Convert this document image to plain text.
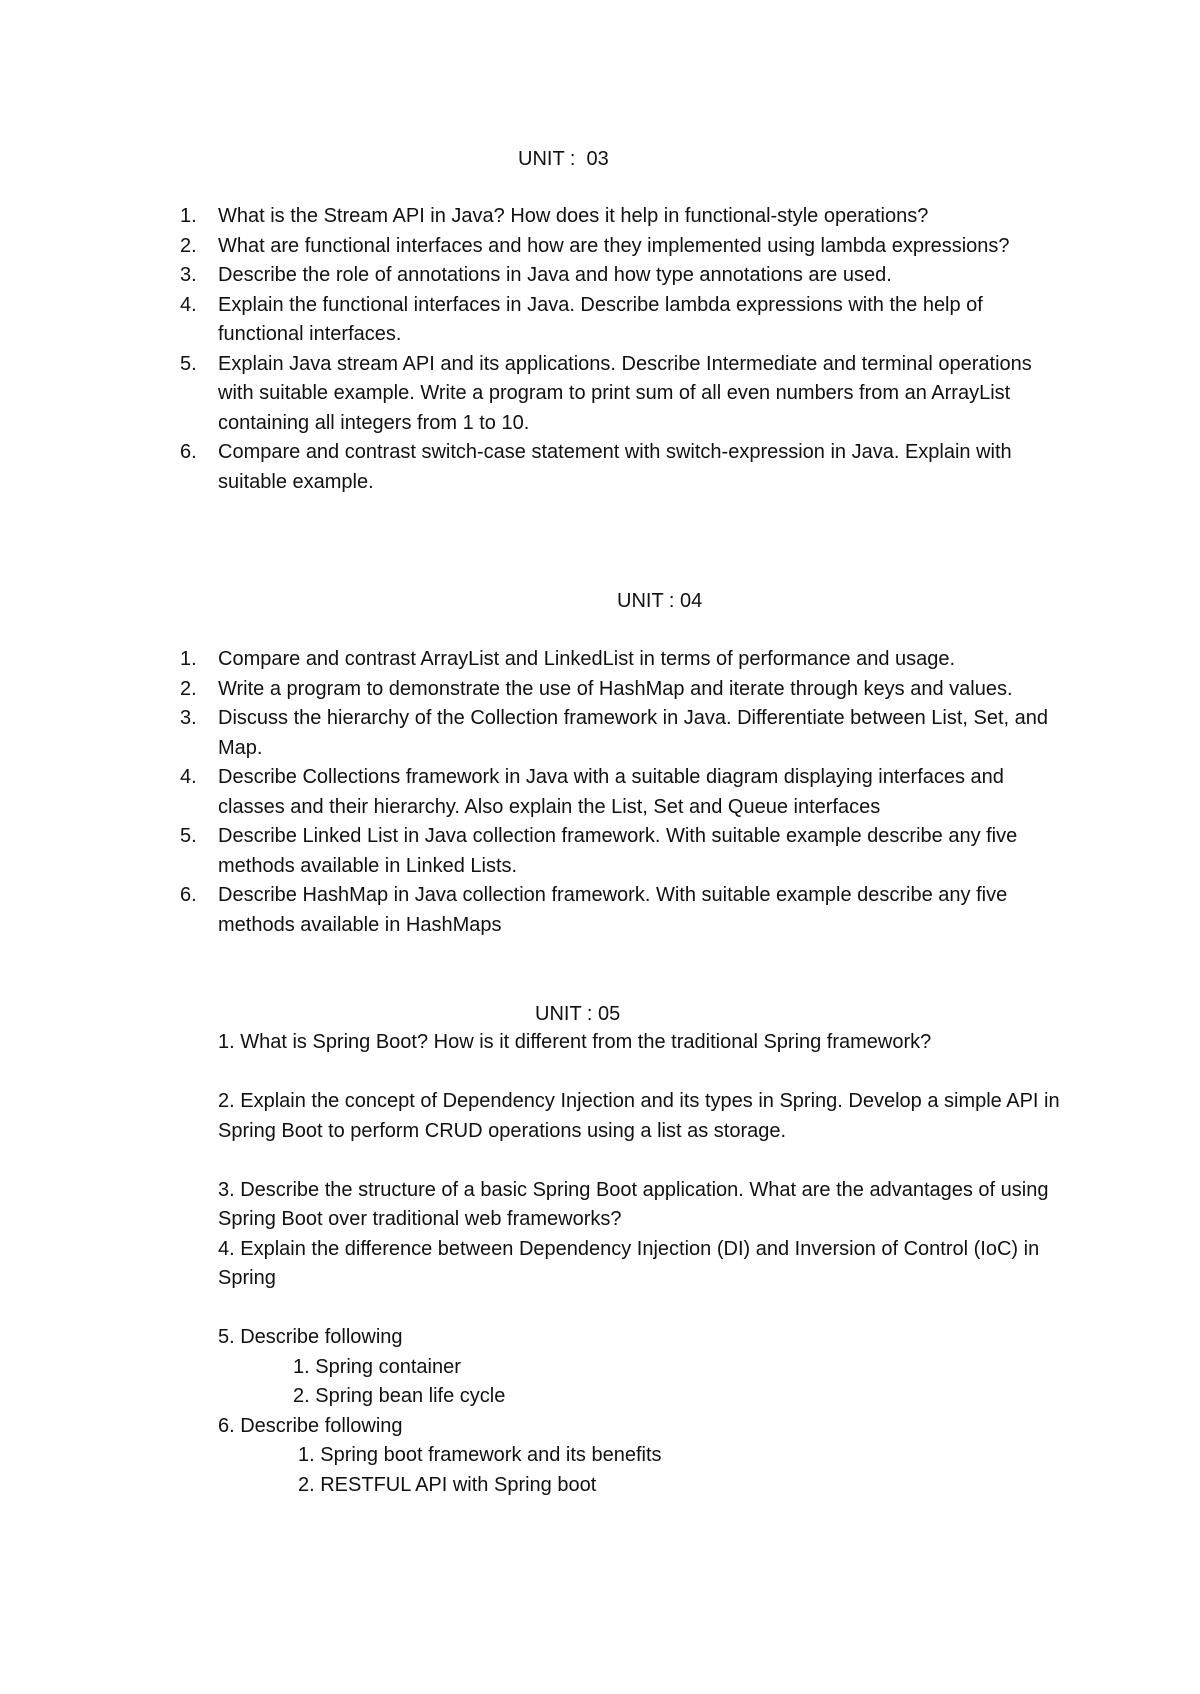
UNIT :  03
1. What is the Stream API in Java? How does it help in functional-style operations?
2. What are functional interfaces and how are they implemented using lambda expressions?
3. Describe the role of annotations in Java and how type annotations are used.
4. Explain the functional interfaces in Java. Describe lambda expressions with the help of functional interfaces.
5. Explain Java stream API and its applications. Describe Intermediate and terminal operations with suitable example. Write a program to print sum of all even numbers from an ArrayList containing all integers from 1 to 10.
6. Compare and contrast switch-case statement with switch-expression in Java. Explain with suitable example.
UNIT : 04
1. Compare and contrast ArrayList and LinkedList in terms of performance and usage.
2. Write a program to demonstrate the use of HashMap and iterate through keys and values.
3. Discuss the hierarchy of the Collection framework in Java. Differentiate between List, Set, and Map.
4. Describe Collections framework in Java with a suitable diagram displaying interfaces and classes and their hierarchy. Also explain the List, Set and Queue interfaces
5. Describe Linked List in Java collection framework. With suitable example describe any five methods available in Linked Lists.
6. Describe HashMap in Java collection framework. With suitable example describe any five methods available in HashMaps
UNIT : 05

1. What is Spring Boot? How is it different from the traditional Spring framework?

2. Explain the concept of Dependency Injection and its types in Spring. Develop a simple API in Spring Boot to perform CRUD operations using a list as storage.

3. Describe the structure of a basic Spring Boot application. What are the advantages of using Spring Boot over traditional web frameworks?

4. Explain the difference between Dependency Injection (DI) and Inversion of Control (IoC) in Spring

5. Describe following

1. Spring container

2. Spring bean life cycle

6. Describe following

1. Spring boot framework and its benefits

2. RESTFUL API with Spring boot
